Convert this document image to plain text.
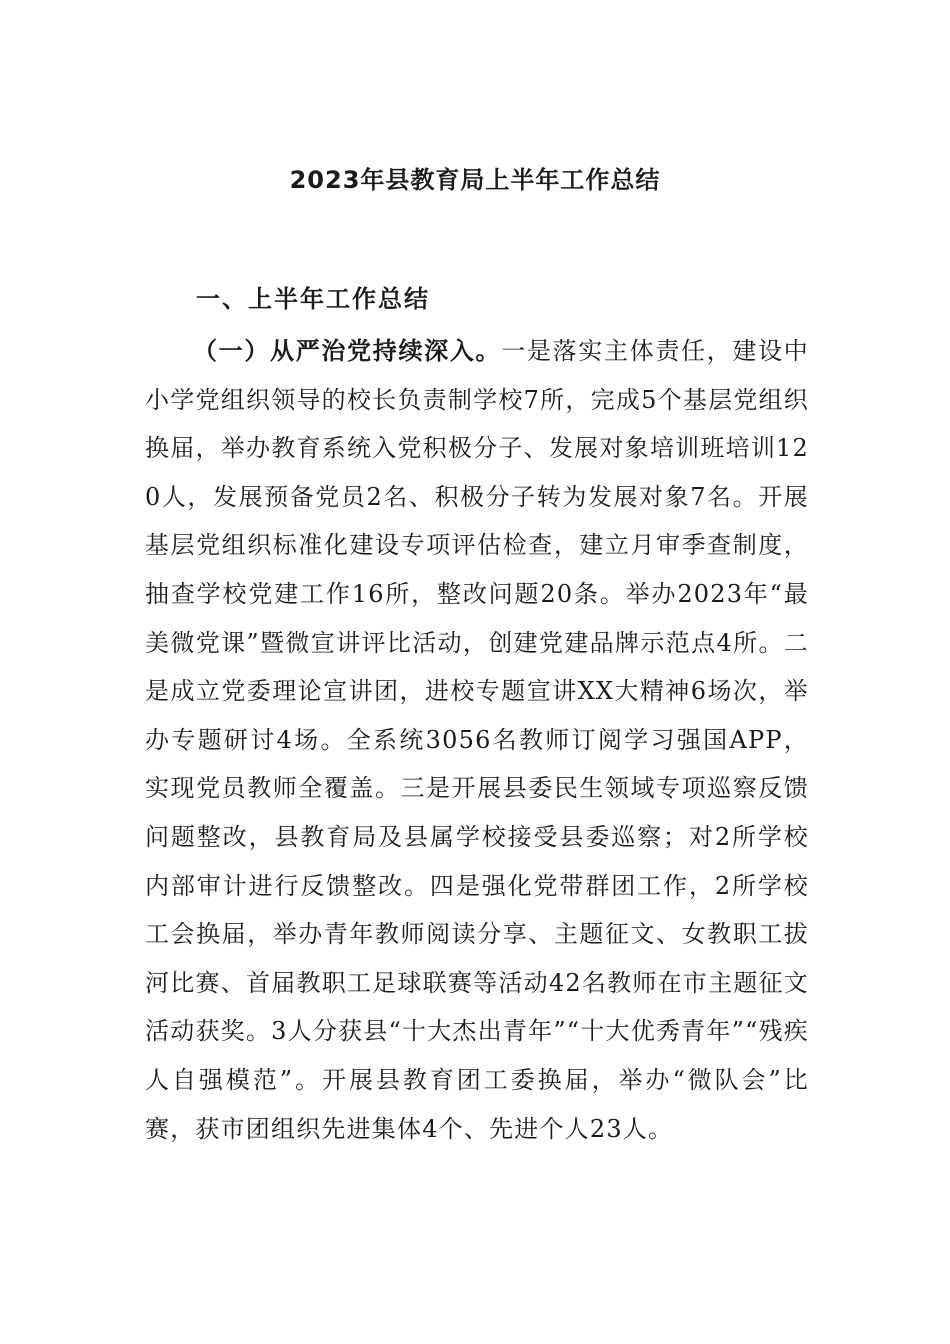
2023年县教育局上半年工作总结
一、上半年工作总结

（一）从严治党持续深入。一是落实主体责任，建设中小学党组织领导的校长负责制学校7所，完成5个基层党组织换届，举办教育系统入党积极分子、发展对象培训班培训120人，发展预备党员2名、积极分子转为发展对象7名。开展基层党组织标准化建设专项评估检查，建立月审季查制度，抽查学校党建工作16所，整改问题20条。举办2023年“最美微党课”暨微宣讲评比活动，创建党建品牌示范点4所。二是成立党委理论宣讲团，进校专题宣讲XX大精神6场次，举办专题研讨4场。全系统3056名教师订阅学习强国APP，实现党员教师全覆盖。三是开展县委民生领域专项巡察反馈问题整改，县教育局及县属学校接受县委巡察；对2所学校内部审计进行反馈整改。四是强化党带群团工作，2所学校工会换届，举办青年教师阅读分享、主题征文、女教职工拔河比赛、首届教职工足球联赛等活动42名教师在市主题征文活动获奖。3人分获县“十大杰出青年”“十大优秀青年”“残疾人自强模范”。开展县教育团工委换届，举办“微队会”比赛，获市团组织先进集体4个、先进个人23人。
